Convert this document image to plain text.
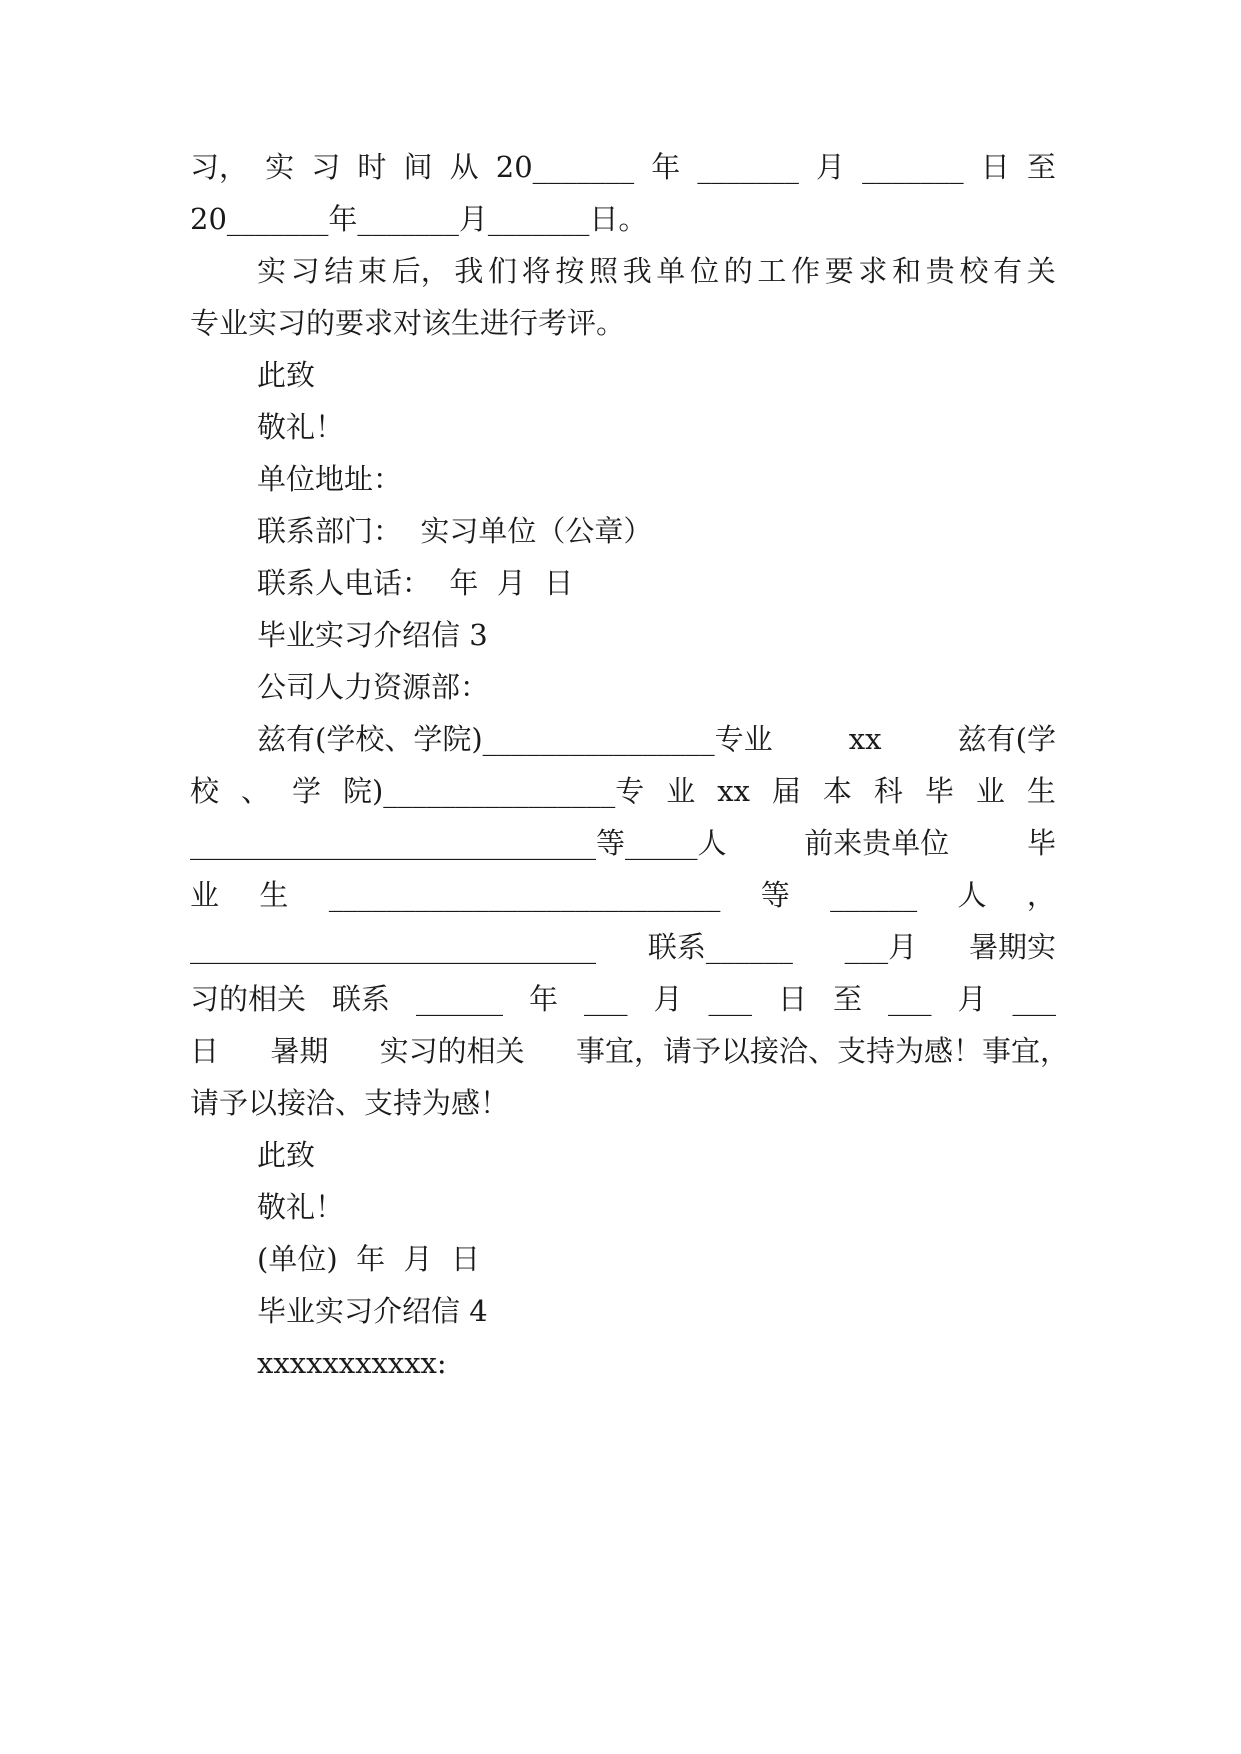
习， 实 习 时 间 从 20_______ 年 _______ 月 _______ 日 至

20_______年_______月_______日。

实 习 结 束 后， 我 们 将 按 照 我 单 位 的 工 作 要 求 和 贵 校 有 关

专业实习的要求对该生进行考评。

此致

敬礼！

单位地址：

联系部门：  实习单位（公章）

联系人电话：  年  月  日

毕业实习介绍信 3

公司人力资源部：

兹有(学校、学院)________________专业	xx	兹有(学

校 、 学 院)________________专 业 xx 届 本 科 毕 业 生

____________________________等_____人	前来贵单位	毕

业 生 ___________________________ 等 ______ 人 ，

____________________________ 联系______ ___月 暑期实

习的相关 联系 ______ 年 ___ 月 ___ 日 至 ___ 月 ___

日 暑期 实习的相关 事宜，请予以接洽、支持为感！事宜，

请予以接洽、支持为感！

此致

敬礼！

(单位)  年  月  日

毕业实习介绍信 4

xxxxxxxxxxx:
